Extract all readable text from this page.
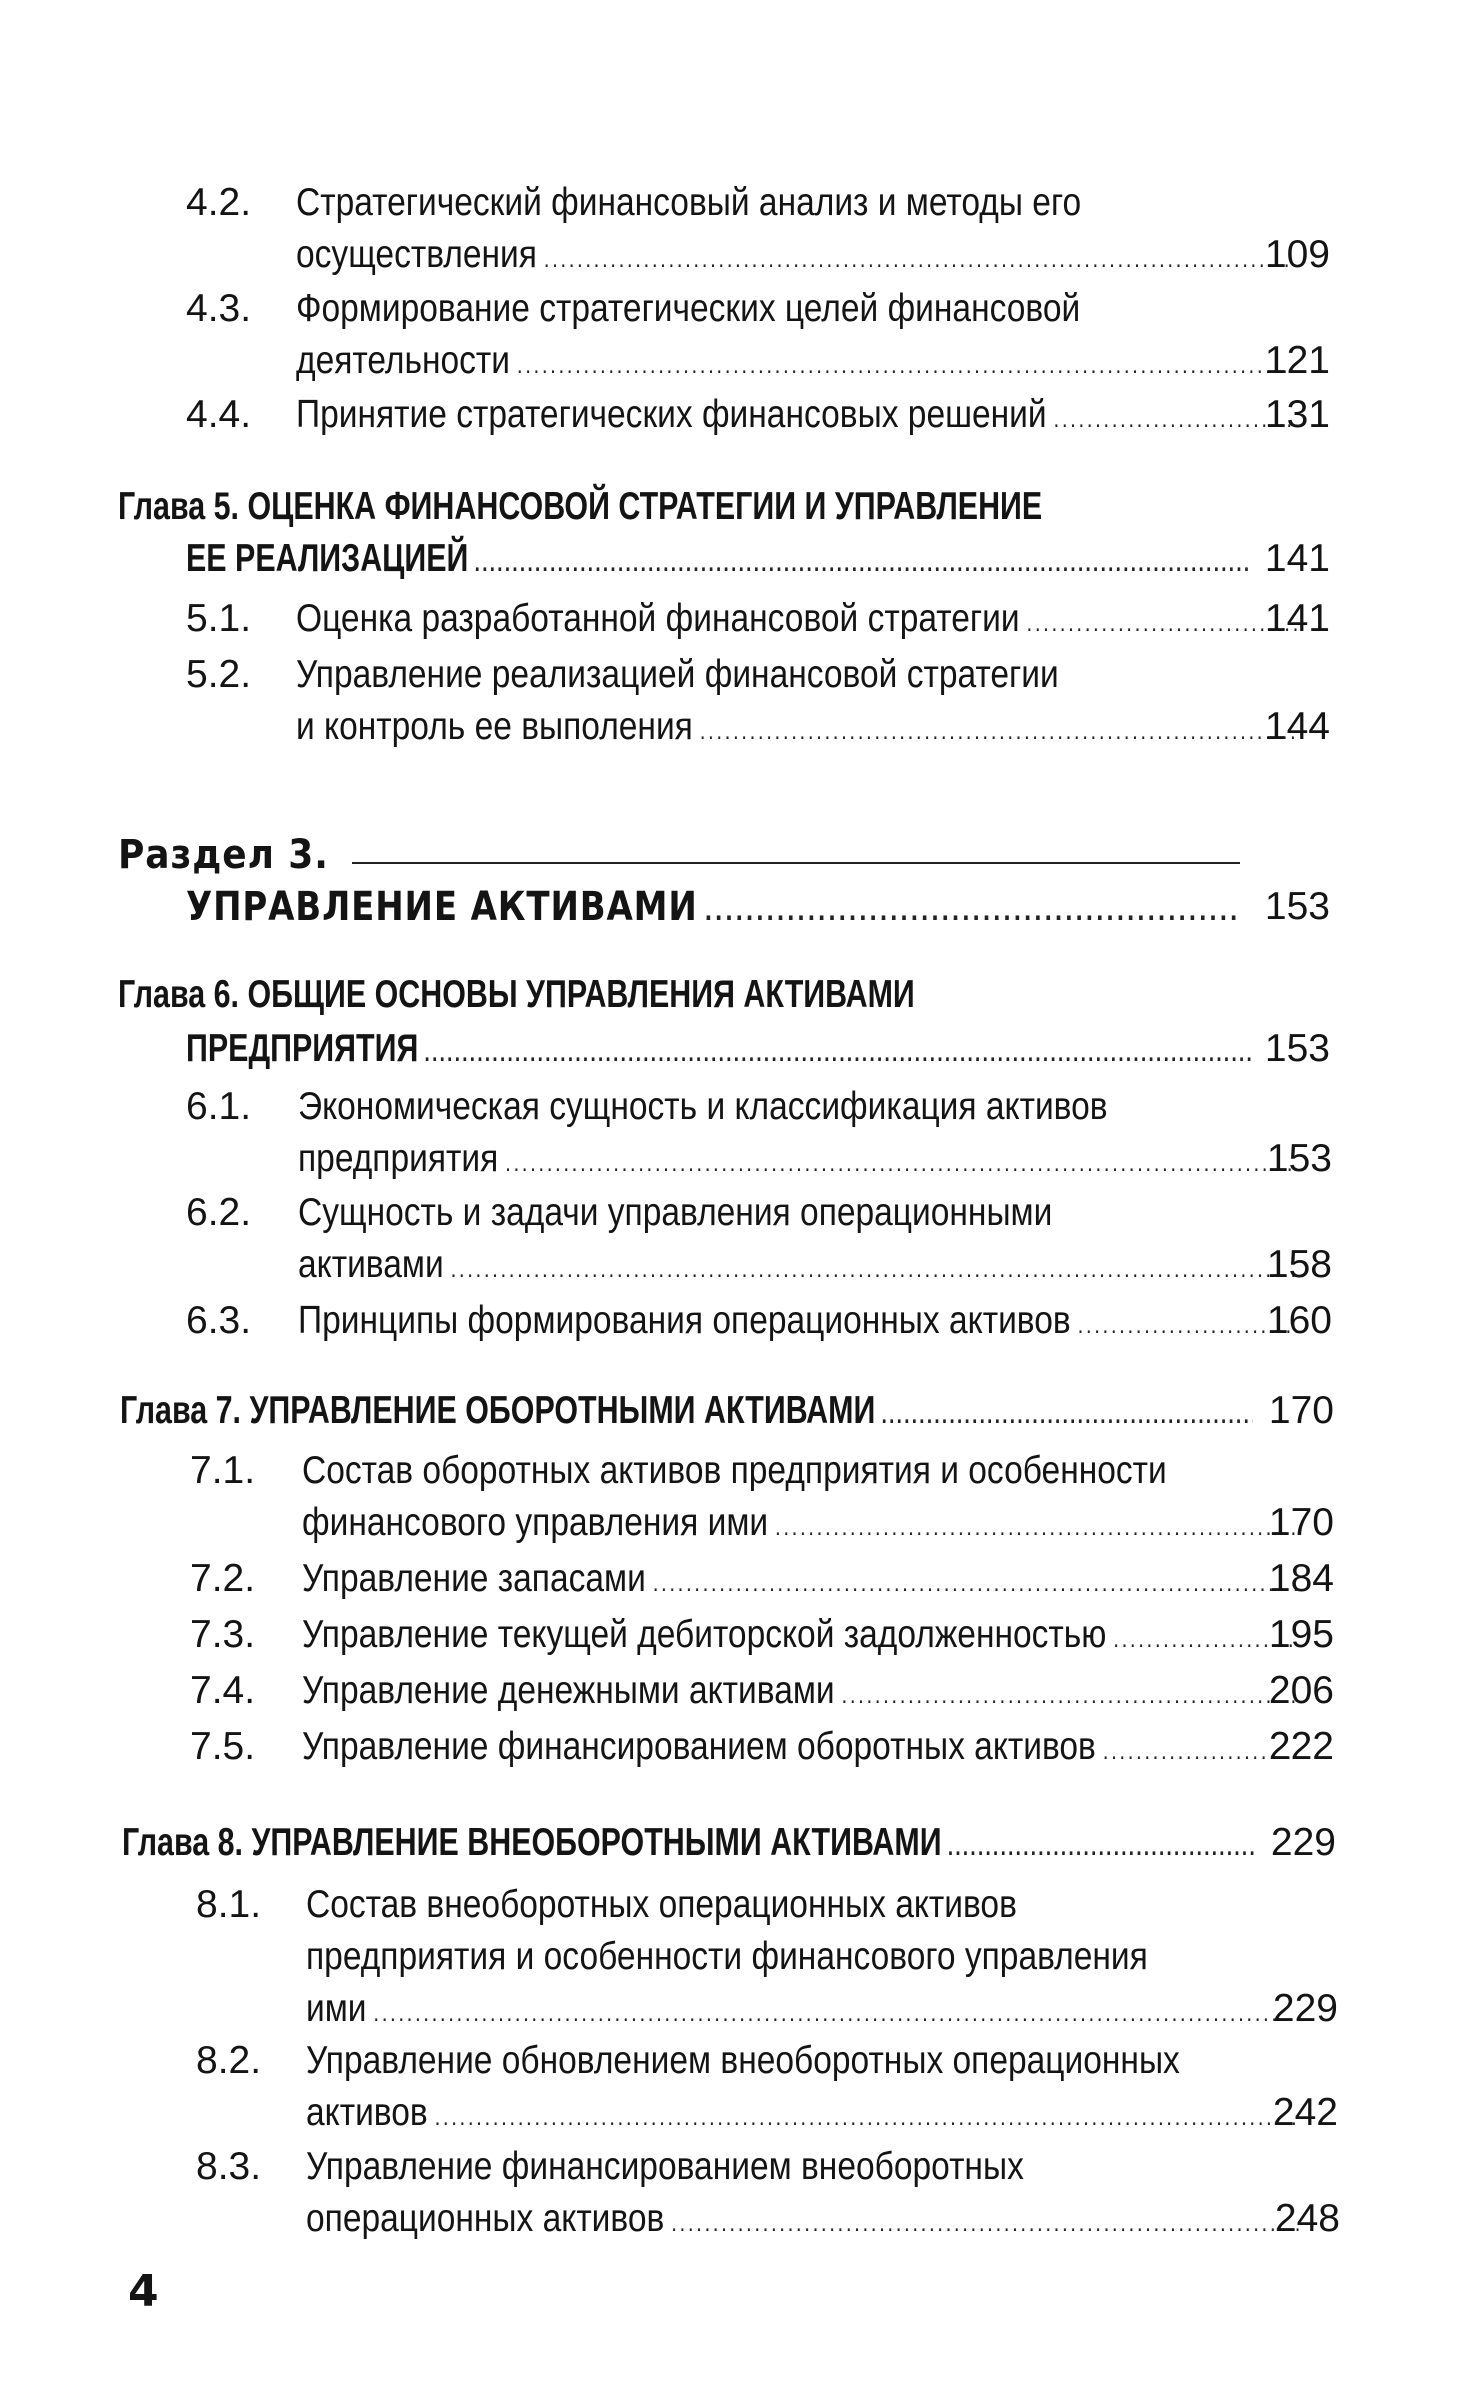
4.2. Стратегический финансовый анализ и методы его
осуществления .....	109
4.3. Формирование стратегических целей финансовой
деятельности .....	121
4.4. Принятие стратегических финансовых решений .....	131
Глава 5. ОЦЕНКА ФИНАНСОВОЙ СТРАТЕГИИ И УПРАВЛЕНИЕ
ЕЕ РЕАЛИЗАЦИЕЙ .....	141
5.1. Оценка разработанной финансовой стратегии .....	141
5.2. Управление реализацией финансовой стратегии
и контроль ее выполения .....	144
Раздел 3.
УПРАВЛЕНИЕ АКТИВАМИ .....	153
Глава 6. ОБЩИЕ ОСНОВЫ УПРАВЛЕНИЯ АКТИВАМИ
ПРЕДПРИЯТИЯ .....	153
6.1. Экономическая сущность и классификация активов
предприятия .....	153
6.2. Сущность и задачи управления операционными
активами .....	158
6.3. Принципы формирования операционных активов .....	160
Глава 7. УПРАВЛЕНИЕ ОБОРОТНЫМИ АКТИВАМИ .....	170
7.1. Состав оборотных активов предприятия и особенности
финансового управления ими .....	170
7.2. Управление запасами .....	184
7.3. Управление текущей дебиторской задолженностью .....	195
7.4. Управление денежными активами .....	206
7.5. Управление финансированием оборотных активов .....	222
Глава 8. УПРАВЛЕНИЕ ВНЕОБОРОТНЫМИ АКТИВАМИ .....	229
8.1. Состав внеоборотных операционных активов
предприятия и особенности финансового управления
ими .....	229
8.2. Управление обновлением внеоборотных операционных
активов .....	242
8.3. Управление финансированием внеоборотных
операционных активов .....	248
4
